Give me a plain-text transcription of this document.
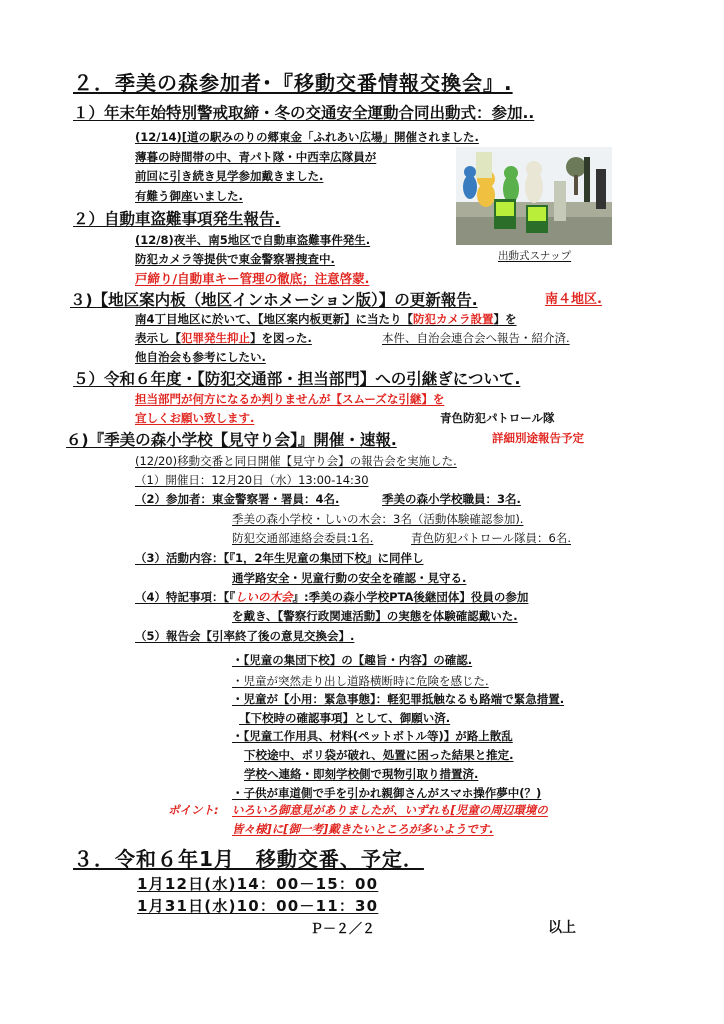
２．季美の森参加者･『移動交番情報交換会』.
１）年末年始特別警戒取締・冬の交通安全運動合同出動式：参加..
(12/14)[道の駅みのりの郷東金「ふれあい広場」開催されました.
薄暮の時間帯の中、青パト隊・中西幸広隊員が
前回に引き続き見学参加戴きました.
有難う御座いました.
出動式スナップ
２）自動車盗難事項発生報告.
(12/8)夜半、南5地区で自動車盗難事件発生.
防犯カメラ等提供で東金警察署捜査中.
戸締り/自動車キー管理の徹底；注意啓蒙.
３)【地区案内板（地区インホメーション版）】の更新報告.	南４地区.
南4丁目地区に於いて、【地区案内板更新】に当たり【防犯カメラ設置】を
表示し【犯罪発生抑止】を図った.	本件、自治会連合会へ報告・紹介済.
他自治会も参考にしたい.
５）令和６年度・【防犯交通部・担当部門】への引継ぎについて.
担当部門が何方になるか判りませんが【スムーズな引継】を
宜しくお願い致します.	青色防犯パトロール隊
６)『季美の森小学校【見守り会】』開催・速報.	詳細別途報告予定
(12/20)移動交番と同日開催【見守り会】の報告会を実施した.
（1）開催日：12月20日（水）13:00-14:30
（2）参加者：東金警察署・署員：4名.	季美の森小学校職員：3名.
季美の森小学校・しいの木会：3名（活動体験確認参加).
防犯交通部連絡会委員:1名.	青色防犯パトロール隊員：6名.
（3）活動内容：【『1，2年生児童の集団下校』に同伴し
通学路安全・児童行動の安全を確認・見守る.
（4）特記事項：【『しいの木会』:季美の森小学校PTA後継団体】役員の参加
を戴き、【警察行政関連活動】の実態を体験確認戴いた.
（5）報告会【引率終了後の意見交換会】.
・【児童の集団下校】の【趣旨・内容】の確認.
・児童が突然走り出し道路横断時に危険を感じた.
・児童が【小用：緊急事態】：軽犯罪抵触なるも路端で緊急措置.
【下校時の確認事項】として、御願い済.
・【児童工作用具、材料(ペットボトル等)】が路上散乱
下校途中、ポリ袋が破れ、処置に困った結果と推定.
学校へ連絡・即刻学校側で現物引取り措置済.
・子供が車道側で手を引かれ親御さんがスマホ操作夢中(？)
ポイント: いろいろ御意見がありましたが、いずれも[児童の周辺環境の
皆々様]に[御一考]戴きたいところが多いようです.
３．令和６年1月　移動交番、予定．
1月12日(水)14：00－15：00
1月31日(水)10：00－11：30
Ｐ－２／２	以上
